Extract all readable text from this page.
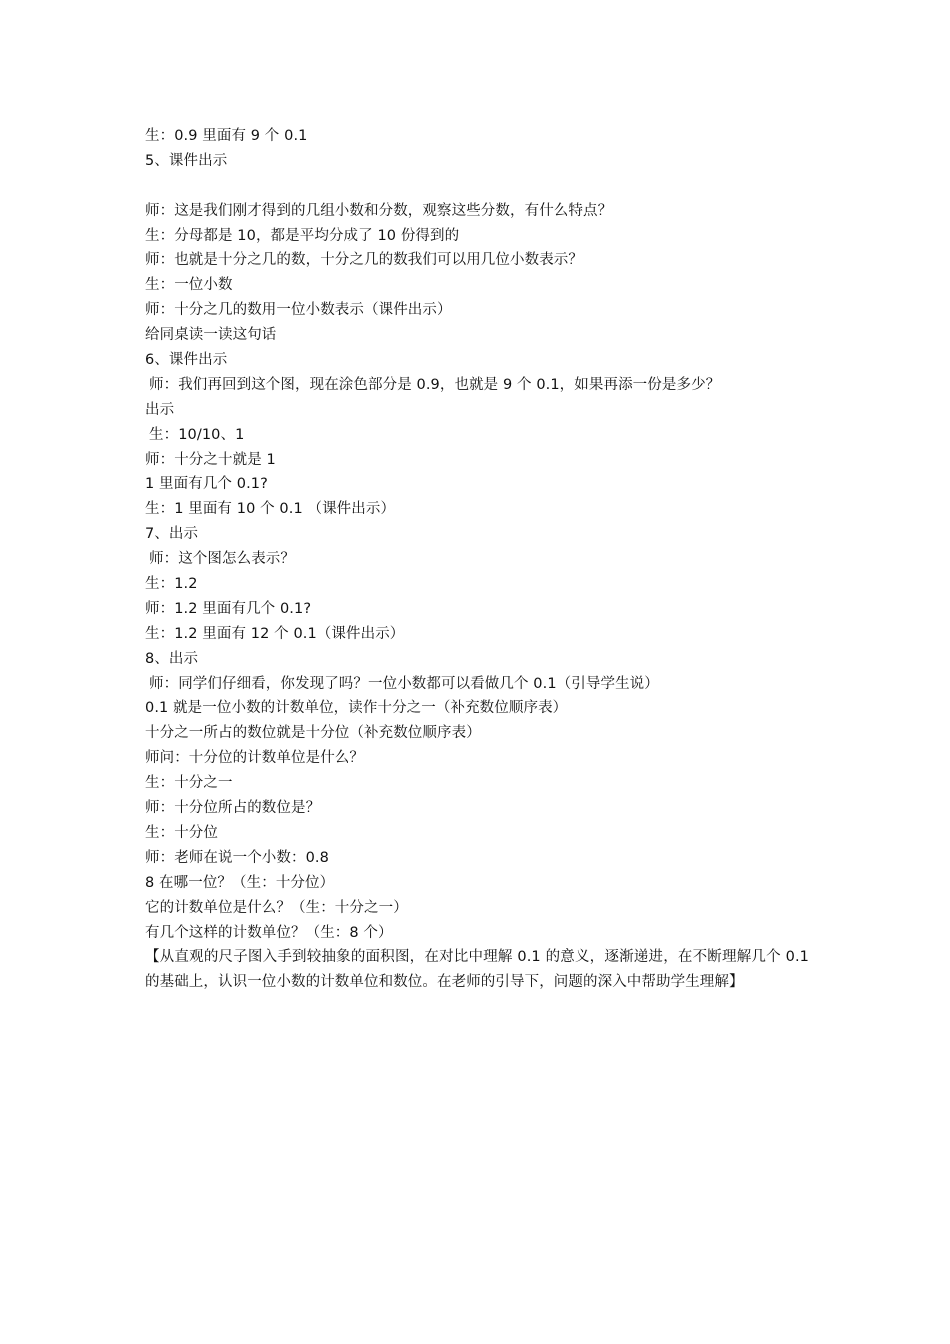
生：0.9 里面有 9 个 0.1
5、课件出示
师：这是我们刚才得到的几组小数和分数，观察这些分数，有什么特点？
生：分母都是 10，都是平均分成了 10 份得到的
师：也就是十分之几的数，十分之几的数我们可以用几位小数表示？
生：一位小数
师：十分之几的数用一位小数表示（课件出示）
给同桌读一读这句话
6、课件出示
师：我们再回到这个图，现在涂色部分是 0.9，也就是 9 个 0.1，如果再添一份是多少？
出示
生：10/10、1
师：十分之十就是 1
1 里面有几个 0.1?
生：1 里面有 10 个 0.1 （课件出示）
7、出示
师：这个图怎么表示？
生：1.2
师：1.2 里面有几个 0.1?
生：1.2 里面有 12 个 0.1（课件出示）
8、出示
师：同学们仔细看，你发现了吗？一位小数都可以看做几个 0.1（引导学生说）
0.1 就是一位小数的计数单位，读作十分之一（补充数位顺序表）
十分之一所占的数位就是十分位（补充数位顺序表）
师问：十分位的计数单位是什么？
生：十分之一
师：十分位所占的数位是？
生：十分位
师：老师在说一个小数：0.8
8 在哪一位？（生：十分位）
它的计数单位是什么？（生：十分之一）
有几个这样的计数单位？（生：8 个）
【从直观的尺子图入手到较抽象的面积图，在对比中理解 0.1 的意义，逐渐递进，在不断理解几个 0.1 的基础上，认识一位小数的计数单位和数位。在老师的引导下，问题的深入中帮助学生理解】
